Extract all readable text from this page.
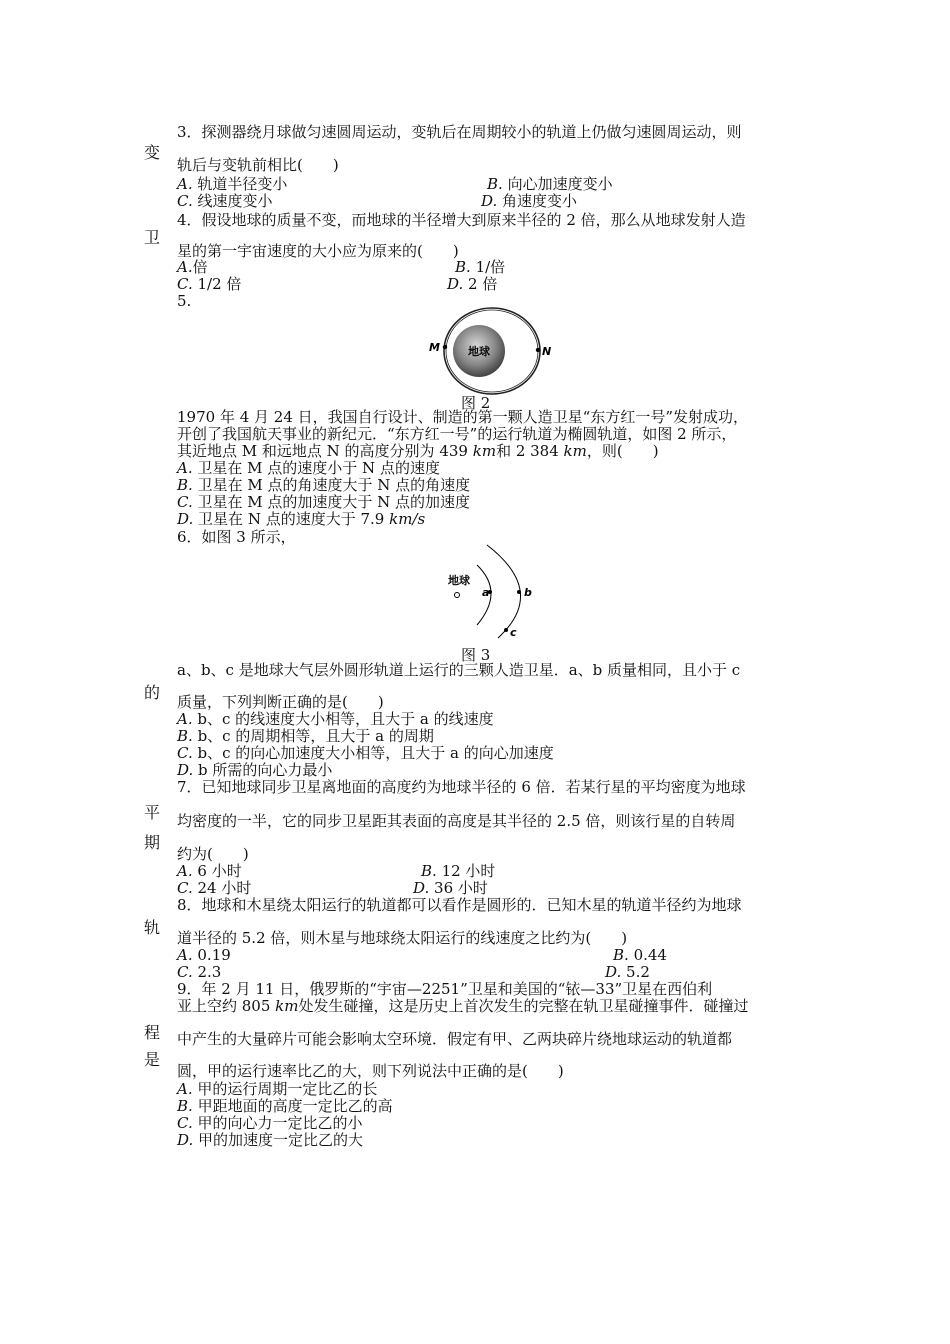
变
卫
的
平
期
轨
程
是
3．探测器绕月球做匀速圆周运动，变轨后在周期较小的轨道上仍做匀速圆周运动，则
轨后与变轨前相比(　　)
A. 轨道半径变小	B. 向心加速度变小
C. 线速度变小	D. 角速度变小
4．假设地球的质量不变，而地球的半径增大到原来半径的 2 倍，那么从地球发射人造
星的第一宇宙速度的大小应为原来的(　　)
A.倍	B. 1/倍
C. 1/2 倍	D. 2 倍
5.
地球
M	N
图 2
1970 年 4 月 24 日，我国自行设计、制造的第一颗人造卫星“东方红一号”发射成功，
开创了我国航天事业的新纪元．“东方红一号”的运行轨道为椭圆轨道，如图 2 所示，
其近地点 M 和远地点 N 的高度分别为 439 km和 2 384 km，则(　　)
A. 卫星在 M 点的速度小于 N 点的速度
B. 卫星在 M 点的角速度大于 N 点的角速度
C. 卫星在 M 点的加速度大于 N 点的加速度
D. 卫星在 N 点的速度大于 7.9 km/s
6．如图 3 所示，
地球
a	b
c
图 3
a、b、c 是地球大气层外圆形轨道上运行的三颗人造卫星．a、b 质量相同，且小于 c
质量，下列判断正确的是(　　)
A. b、c 的线速度大小相等，且大于 a 的线速度
B. b、c 的周期相等，且大于 a 的周期
C. b、c 的向心加速度大小相等，且大于 a 的向心加速度
D. b 所需的向心力最小
7．已知地球同步卫星离地面的高度约为地球半径的 6 倍．若某行星的平均密度为地球
均密度的一半，它的同步卫星距其表面的高度是其半径的 2.5 倍，则该行星的自转周
约为(　　)
A. 6 小时	B. 12 小时
C. 24 小时	D. 36 小时
8．地球和木星绕太阳运行的轨道都可以看作是圆形的．已知木星的轨道半径约为地球
道半径的 5.2 倍，则木星与地球绕太阳运行的线速度之比约为(　　)
A. 0.19	B. 0.44
C. 2.3	D. 5.2
9．年 2 月 11 日，俄罗斯的“宇宙—2251”卫星和美国的“铱—33”卫星在西伯利
亚上空约 805 km处发生碰撞，这是历史上首次发生的完整在轨卫星碰撞事件．碰撞过
中产生的大量碎片可能会影响太空环境．假定有甲、乙两块碎片绕地球运动的轨道都
圆，甲的运行速率比乙的大，则下列说法中正确的是(　　)
A. 甲的运行周期一定比乙的长
B. 甲距地面的高度一定比乙的高
C. 甲的向心力一定比乙的小
D. 甲的加速度一定比乙的大
